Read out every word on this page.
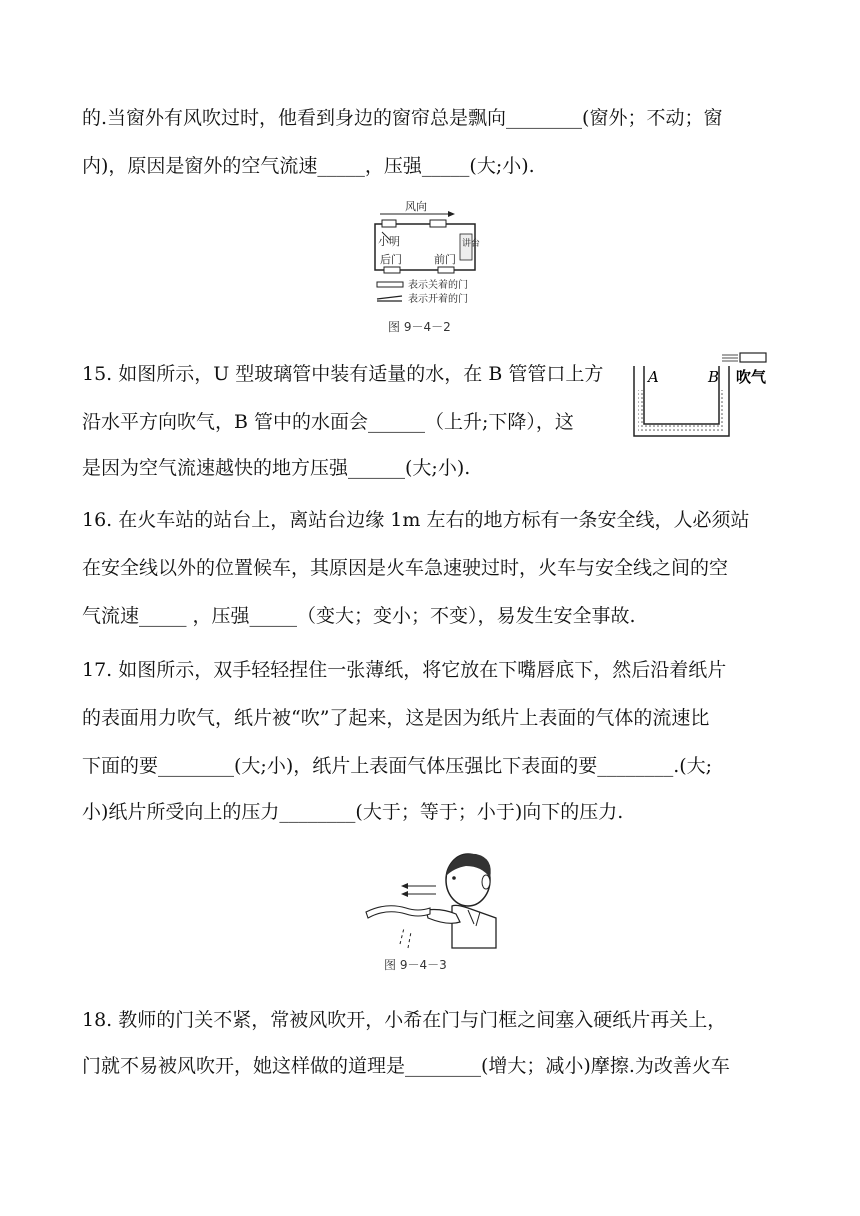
的.当窗外有风吹过时，他看到身边的窗帘总是飘向________(窗外；不动；窗
内)，原因是窗外的空气流速_____，压强_____(大;小).
风向
小明	讲台
后门	前门
表示关着的门
表示开着的门
图 9－4－2
15. 如图所示，U 型玻璃管中装有适量的水，在 B 管管口上方
沿水平方向吹气，B 管中的水面会______（上升;下降），这
是因为空气流速越快的地方压强______(大;小).
A	B 吹气
16. 在火车站的站台上，离站台边缘 1m 左右的地方标有一条安全线，人必须站
在安全线以外的位置候车，其原因是火车急速驶过时，火车与安全线之间的空
气流速_____ ，压强_____（变大；变小；不变），易发生安全事故.
17. 如图所示，双手轻轻捏住一张薄纸，将它放在下嘴唇底下，然后沿着纸片
的表面用力吹气，纸片被“吹”了起来，这是因为纸片上表面的气体的流速比
下面的要________(大;小)，纸片上表面气体压强比下表面的要________.(大;
小)纸片所受向上的压力________(大于；等于；小于)向下的压力.
图 9－4－3
18. 教师的门关不紧，常被风吹开，小希在门与门框之间塞入硬纸片再关上，
门就不易被风吹开，她这样做的道理是________(增大；减小)摩擦.为改善火车
